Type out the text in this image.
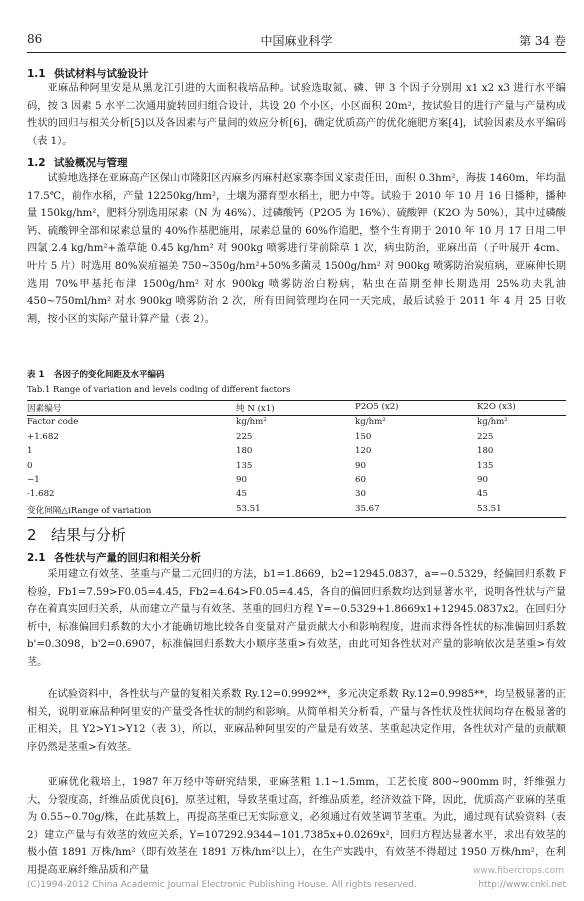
86	中国麻业科学	第 34 卷
1.1 供试材料与试验设计
亚麻品种阿里安是从黑龙江引进的大面积栽培品种。试验选取氮、磷、钾 3 个因子分别用 x1 x2 x3 进行水平编码，按 3 因素 5 水平二次通用旋转回归组合设计，共设 20 个小区，小区面积 20m²，按试验目的进行产量与产量构成性状的回归与相关分析[5]以及各因素与产量间的效应分析[6]，确定优质高产的优化施肥方案[4]，试验因素及水平编码（表 1）。
1.2 试验概况与管理
试验地选择在亚麻高产区保山市隆阳区丙麻乡丙麻村赵家寨李国义家责任田，面积 0.3hm²，海拔 1460m，年均温 17.5℃，前作水稻，产量 12250kg/hm²，土壤为潴育型水稻土，肥力中等。试验于 2010 年 10 月 16 日播种，播种量 150kg/hm²，肥料分别选用尿素（N 为 46%）、过磷酸钙（P2O5 为 16%）、硫酸钾（K2O 为 50%），其中过磷酸钙、硫酸钾全部和尿素总量的 40%作基肥施用，尿素总量的 60%作追肥，整个生育期于 2010 年 10 月 17 日用二甲四氯 2.4 kg/hm²+盖草能 0.45 kg/hm² 对 900kg 喷雾进行芽前除草 1 次，病虫防治，亚麻出苗（子叶展开 4cm、叶片 5 片）时选用 80%炭疽福美 750~350g/hm²+50%多菌灵 1500g/hm² 对 900kg 喷雾防治炭疽病，亚麻伸长期选用 70%甲基托布津 1500g/hm² 对水 900kg 喷雾防治白粉病，粘虫在苗期至伸长期选用 25%功夫乳油 450~750ml/hm² 对水 900kg 喷雾防治 2 次，所有田间管理均在同一天完成，最后试验于 2011 年 4 月 25 日收割，按小区的实际产量计算产量（表 2）。
表 1 各因子的变化间距及水平编码
Tab.1 Range of variation and levels coding of different factors
因素编号	纯 N (x1)	P2O5 (x2)	K2O (x3)
Factor code	kg/hm²	kg/hm²	kg/hm²
+1.682	225	150	225
1	180	120	180
0	135	90	135
−1	90	60	90
-1.682	45	30	45
变化间隔△iRange of variation	53.51	35.67	53.51
2 结果与分析
2.1 各性状与产量的回归和相关分析
采用建立有效茎、茎重与产量二元回归的方法，b1=1.8669，b2=12945.0837，a=−0.5329，经偏回归系数 F 检验，Fb1=7.59>F0.05=4.45，Fb2=4.64>F0.05=4.45，各自的偏回归系数均达到显著水平，说明各性状与产量存在着真实回归关系，从而建立产量与有效茎、茎重的回归方程 Y=−0.5329+1.8669x1+12945.0837x2。在回归分析中，标准偏回归系数的大小才能确切地比较各自变量对产量贡献大小和影响程度，进而求得各性状的标准偏回归系数 b'=0.3098，b'2=0.6907，标准偏回归系数大小顺序茎重>有效茎，由此可知各性状对产量的影响依次是茎重>有效茎。
在试验资料中，各性状与产量的复相关系数 Ry.12=0.9992**，多元决定系数 Ry.12=0.9985**，均呈极显著的正相关，说明亚麻品种阿里安的产量受各性状的制约和影响。从简单相关分析看，产量与各性状及性状间均存在极显著的正相关，且 Y2>Y1>Y12（表 3），所以，亚麻品种阿里安的产量是有效茎、茎重起决定作用，各性状对产量的贡献顺序仍然是茎重>有效茎。
亚麻优化栽培上，1987 年万经中等研究结果，亚麻茎粗 1.1~1.5mm，工艺长度 800~900mm 时，纤维强力大，分裂度高，纤维品质优良[6]，原茎过粗，导致茎重过高，纤维品质差，经济效益下降，因此，优质高产亚麻的茎重为 0.55~0.70g/株，在此基数上，再提高茎重已无实际意义，必须通过有效茎调节茎重。为此，通过现有试验资料（表 2）建立产量与有效茎的效应关系，Y=107292.9344−101.7385x+0.0269x²，回归方程达显著水平，求出有效茎的极小值 1891 万株/hm²（即有效茎在 1891 万株/hm²以上），在生产实践中，有效茎不得超过 1950 万株/hm²，在利用提高亚麻纤维品质和产量
(C)1994-2012 China Academic Journal Electronic Publishing House. All rights reserved.	http://www.cnki.net
www.fibercrops.com
